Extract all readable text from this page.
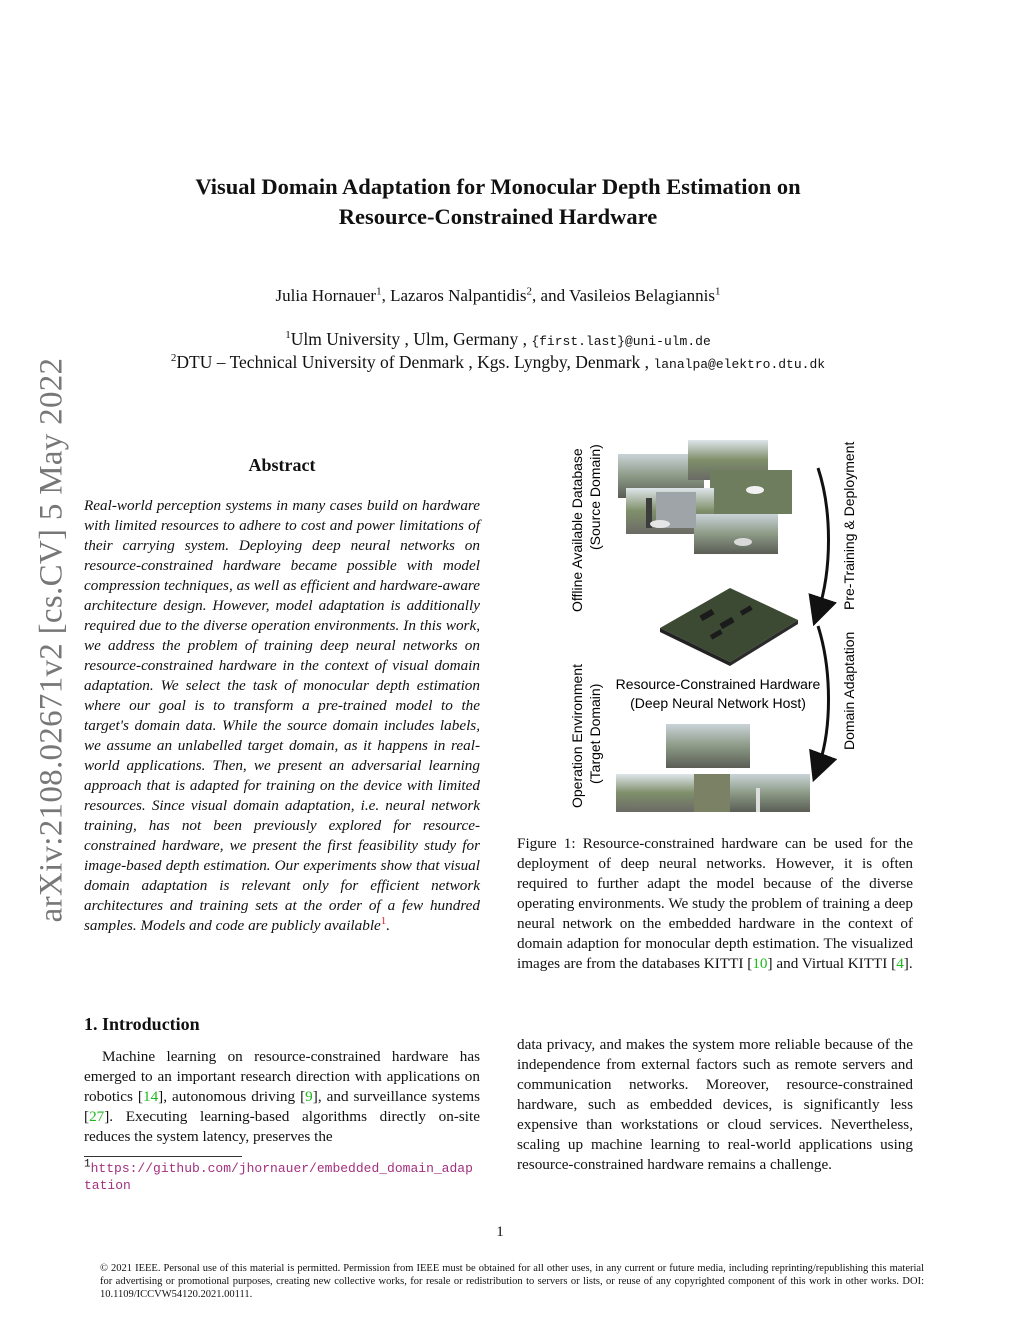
arXiv:2108.02671v2 [cs.CV] 5 May 2022
Visual Domain Adaptation for Monocular Depth Estimation on
Resource-Constrained Hardware
Julia Hornauer$^1$, Lazaros Nalpantidis$^2$, and Vasileios Belagiannis$^1$
$^1$Ulm University , Ulm, Germany , {first.last}@uni-ulm.de
$^2$DTU – Technical University of Denmark , Kgs. Lyngby, Denmark , lanalpa@elektro.dtu.dk
Abstract
Real-world perception systems in many cases build on hardware with limited resources to adhere to cost and power limitations of their carrying system. Deploying deep neural networks on resource-constrained hardware became possible with model compression techniques, as well as efficient and hardware-aware architecture design. However, model adaptation is additionally required due to the diverse operation environments. In this work, we address the problem of training deep neural networks on resource-constrained hardware in the context of visual domain adaptation. We select the task of monocular depth estimation where our goal is to transform a pre-trained model to the target's domain data. While the source domain includes labels, we assume an unlabelled target domain, as it happens in real-world applications. Then, we present an adversarial learning approach that is adapted for training on the device with limited resources. Since visual domain adaptation, i.e. neural network training, has not been previously explored for resource-constrained hardware, we present the first feasibility study for image-based depth estimation. Our experiments show that visual domain adaptation is relevant only for efficient network architectures and training sets at the order of a few hundred samples. Models and code are publicly available$^1$.
1. Introduction
Machine learning on resource-constrained hardware has emerged to an important research direction with applications on robotics [14], autonomous driving [9], and surveillance systems [27]. Executing learning-based algorithms directly on-site reduces the system latency, preserves the
$^1$https://github.com/jhornauer/embedded_domain_adaptation
Resource-Constrained Hardware
(Deep Neural Network Host)
Offline Available Database (Source Domain)
Operation Environment (Target Domain)
Pre-Training & Deployment
Domain Adaptation
Figure 1: Resource-constrained hardware can be used for the deployment of deep neural networks. However, it is often required to further adapt the model because of the diverse operating environments. We study the problem of training a deep neural network on the embedded hardware in the context of domain adaption for monocular depth estimation. The visualized images are from the databases KITTI [10] and Virtual KITTI [4].
data privacy, and makes the system more reliable because of the independence from external factors such as remote servers and communication networks. Moreover, resource-constrained hardware, such as embedded devices, is significantly less expensive than workstations or cloud services. Nevertheless, scaling up machine learning to real-world applications using resource-constrained hardware remains a challenge.
1
© 2021 IEEE. Personal use of this material is permitted. Permission from IEEE must be obtained for all other uses, in any current or future media, including reprinting/republishing this material for advertising or promotional purposes, creating new collective works, for resale or redistribution to servers or lists, or reuse of any copyrighted component of this work in other works. DOI: 10.1109/ICCVW54120.2021.00111.
